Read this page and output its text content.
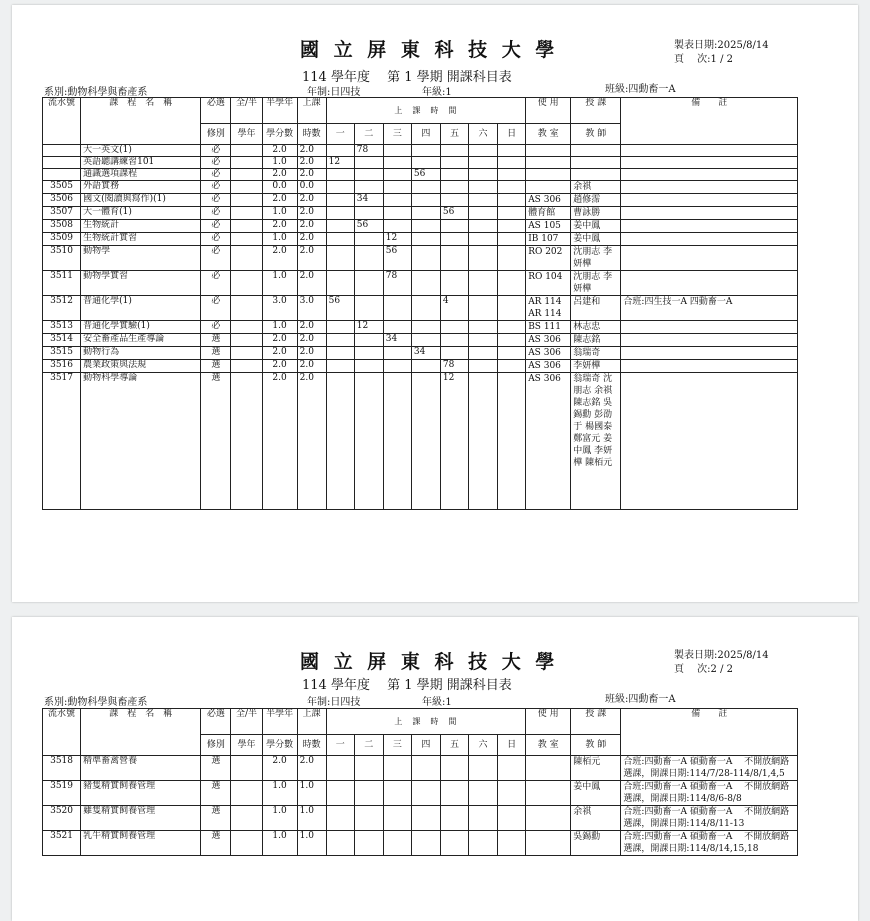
國 立 屏 東 科 技 大 學	製表日期:2025/8/14
頁　 次:1 / 2
114 學年度　 第 1 學期 開課科目表
系別:動物科學與畜產系	年制:日四技	年級:1	班級:四動畜一A
流水號	課　程　名　稱	必選	全/半	半學年	上課	上　課　時　間							使 用	授 課	備　　註
		修別	學年	學分數	時數	一	二	三	四	五	六	日	教 室	教 師	
	大一英文(1)	必		2.0	2.0		78								
	英語聽講練習101	必		1.0	2.0	12									
	通識選項課程	必		2.0	2.0				56						
3505	外語實務	必		0.0	0.0									余祺	
3506	國文(閱讀與寫作)(1)	必		2.0	2.0		34						AS 306	趙修霈	
3507	大一體育(1)	必		1.0	2.0					56			體育館	曹詠勝	
3508	生物統計	必		2.0	2.0		56						AS 105	姜中鳳	
3509	生物統計實習	必		1.0	2.0			12					IB 107	姜中鳳	
3510	動物學	必		2.0	2.0			56					RO 202	沈朋志 李妍樺	
3511	動物學實習	必		1.0	2.0			78					RO 104	沈朋志 李妍樺	
3512	普通化學(1)	必		3.0	3.0	56				4			AR 114 AR 114	呂建和	合班:四生技一A 四動畜一A
3513	普通化學實驗(1)	必		1.0	2.0		12						BS 111	林志忠	
3514	安全畜產品生產導論	選		2.0	2.0			34					AS 306	陳志銘	
3515	動物行為	選		2.0	2.0				34				AS 306	翁瑞奇	
3516	農業政策與法規	選		2.0	2.0					78			AS 306	李妍樺	
3517	動物科學導論	選		2.0	2.0					12			AS 306	翁瑞奇 沈朋志 余祺 陳志銘 吳錫勳 彭劭于 楊國泰 鄭富元 姜中鳳 李妍樺 陳栢元	
國 立 屏 東 科 技 大 學	製表日期:2025/8/14
頁　 次:2 / 2
114 學年度　 第 1 學期 開課科目表
系別:動物科學與畜產系	年制:日四技	年級:1	班級:四動畜一A
流水號	課　程　名　稱	必選	全/半	半學年	上課	上　課　時　間							使 用	授 課	備　　註
		修別	學年	學分數	時數	一	二	三	四	五	六	日	教 室	教 師	
3518	精準畜禽營養	選		2.0	2.0									陳栢元	合班:四動畜一A 碩動畜一A　 不開放網路選課，開課日期:114/7/28-114/8/1,4,5
3519	豬隻精實飼養管理	選		1.0	1.0									姜中鳳	合班:四動畜一A 碩動畜一A　 不開放網路選課，開課日期:114/8/6-8/8
3520	雞隻精實飼養管理	選		1.0	1.0									余祺	合班:四動畜一A 碩動畜一A　 不開放網路選課，開課日期:114/8/11-13
3521	乳牛精實飼養管理	選		1.0	1.0									吳錫勳	合班:四動畜一A 碩動畜一A　 不開放網路選課，開課日期:114/8/14,15,18
